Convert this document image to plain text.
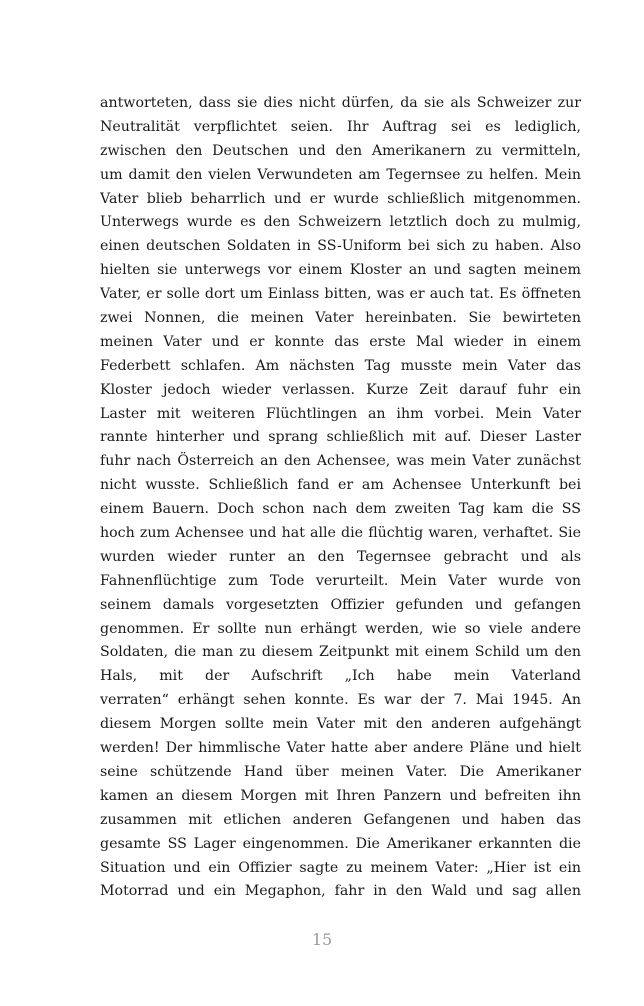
antworteten, dass sie dies nicht dürfen, da sie als Schweizer zur
Neutralität verpflichtet seien. Ihr Auftrag sei es lediglich,
zwischen den Deutschen und den Amerikanern zu vermitteln,
um damit den vielen Verwundeten am Tegernsee zu helfen. Mein
Vater blieb beharrlich und er wurde schließlich mitgenommen.
Unterwegs wurde es den Schweizern letztlich doch zu mulmig,
einen deutschen Soldaten in SS-Uniform bei sich zu haben. Also
hielten sie unterwegs vor einem Kloster an und sagten meinem
Vater, er solle dort um Einlass bitten, was er auch tat. Es öffneten
zwei Nonnen, die meinen Vater hereinbaten. Sie bewirteten
meinen Vater und er konnte das erste Mal wieder in einem
Federbett schlafen. Am nächsten Tag musste mein Vater das
Kloster jedoch wieder verlassen. Kurze Zeit darauf fuhr ein
Laster mit weiteren Flüchtlingen an ihm vorbei. Mein Vater
rannte hinterher und sprang schließlich mit auf. Dieser Laster
fuhr nach Österreich an den Achensee, was mein Vater zunächst
nicht wusste. Schließlich fand er am Achensee Unterkunft bei
einem Bauern. Doch schon nach dem zweiten Tag kam die SS
hoch zum Achensee und hat alle die flüchtig waren, verhaftet. Sie
wurden wieder runter an den Tegernsee gebracht und als
Fahnenflüchtige zum Tode verurteilt. Mein Vater wurde von
seinem damals vorgesetzten Offizier gefunden und gefangen
genommen. Er sollte nun erhängt werden, wie so viele andere
Soldaten, die man zu diesem Zeitpunkt mit einem Schild um den
Hals, mit der Aufschrift „Ich habe mein Vaterland
verraten“ erhängt sehen konnte. Es war der 7. Mai 1945. An
diesem Morgen sollte mein Vater mit den anderen aufgehängt
werden! Der himmlische Vater hatte aber andere Pläne und hielt
seine schützende Hand über meinen Vater. Die Amerikaner
kamen an diesem Morgen mit Ihren Panzern und befreiten ihn
zusammen mit etlichen anderen Gefangenen und haben das
gesamte SS Lager eingenommen. Die Amerikaner erkannten die
Situation und ein Offizier sagte zu meinem Vater: „Hier ist ein
Motorrad und ein Megaphon, fahr in den Wald und sag allen
15
